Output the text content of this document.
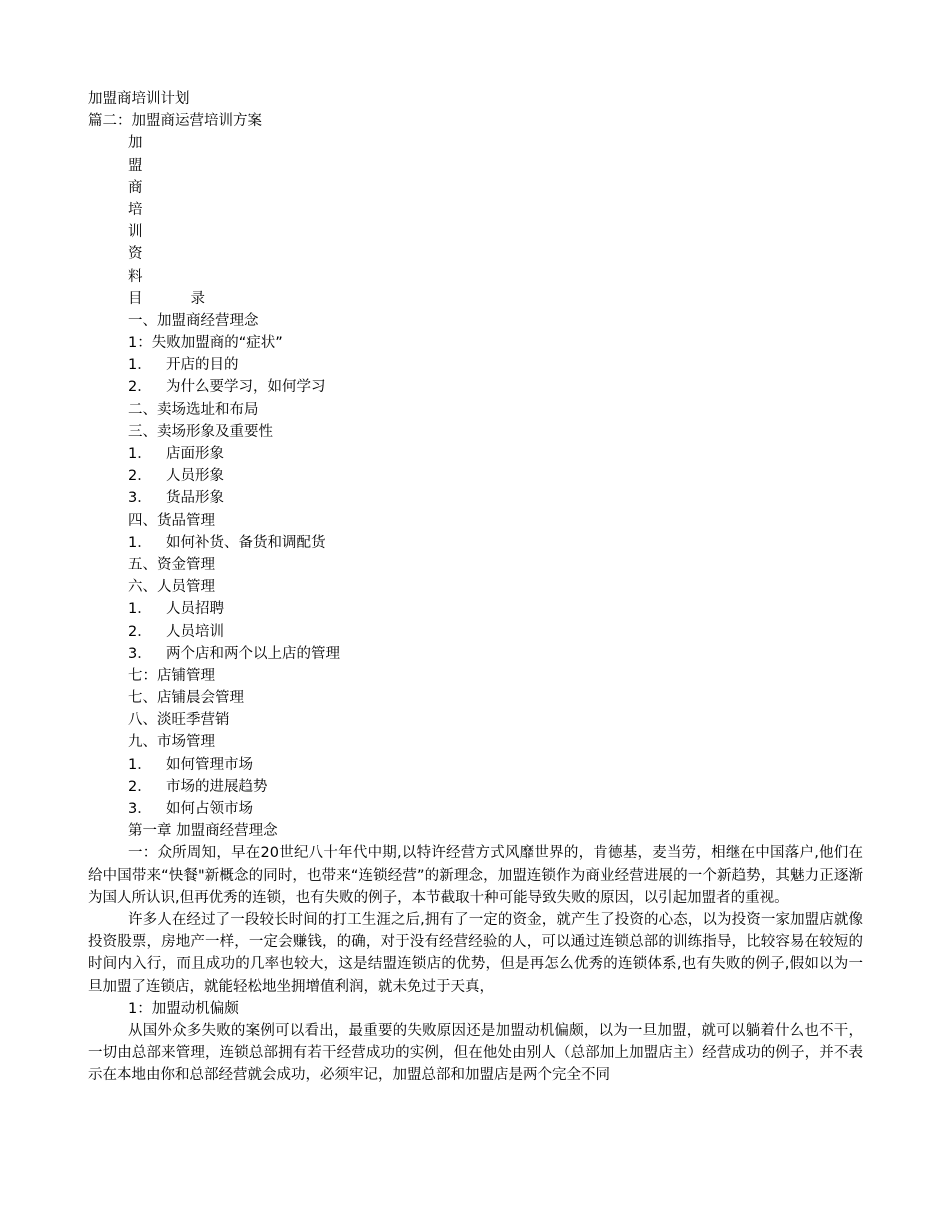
加盟商培训计划
篇二：加盟商运营培训方案
加
盟
商
培
训
资
料
目	录
一、加盟商经营理念
1：失败加盟商的“症状”
1． 开店的目的
2． 为什么要学习，如何学习
二、卖场选址和布局
三、卖场形象及重要性
1． 店面形象
2． 人员形象
3． 货品形象
四、货品管理
1． 如何补货、备货和调配货
五、资金管理
六、人员管理
1． 人员招聘
2． 人员培训
3． 两个店和两个以上店的管理
七：店铺管理
七、店铺晨会管理
八、淡旺季营销
九、市场管理
1． 如何管理市场
2． 市场的进展趋势
3． 如何占领市场
第一章 加盟商经营理念

一：众所周知，早在20世纪八十年代中期,以特许经营方式风靡世界的，肯德基，麦当劳，相继在中国落户,他们在给中国带来“快餐"新概念的同时，也带来“连锁经营”的新理念，加盟连锁作为商业经营进展的一个新趋势，其魅力正逐渐为国人所认识,但再优秀的连锁，也有失败的例子，本节截取十种可能导致失败的原因，以引起加盟者的重视。

许多人在经过了一段较长时间的打工生涯之后,拥有了一定的资金，就产生了投资的心态，以为投资一家加盟店就像投资股票，房地产一样，一定会赚钱，的确，对于没有经营经验的人，可以通过连锁总部的训练指导，比较容易在较短的时间内入行，而且成功的几率也较大，这是结盟连锁店的优势，但是再怎么优秀的连锁体系,也有失败的例子,假如以为一旦加盟了连锁店，就能轻松地坐拥增值利润，就未免过于天真，

1：加盟动机偏颇

从国外众多失败的案例可以看出，最重要的失败原因还是加盟动机偏颇，以为一旦加盟，就可以躺着什么也不干，一切由总部来管理，连锁总部拥有若干经营成功的实例，但在他处由别人（总部加上加盟店主）经营成功的例子，并不表示在本地由你和总部经营就会成功，必须牢记，加盟总部和加盟店是两个完全不同
